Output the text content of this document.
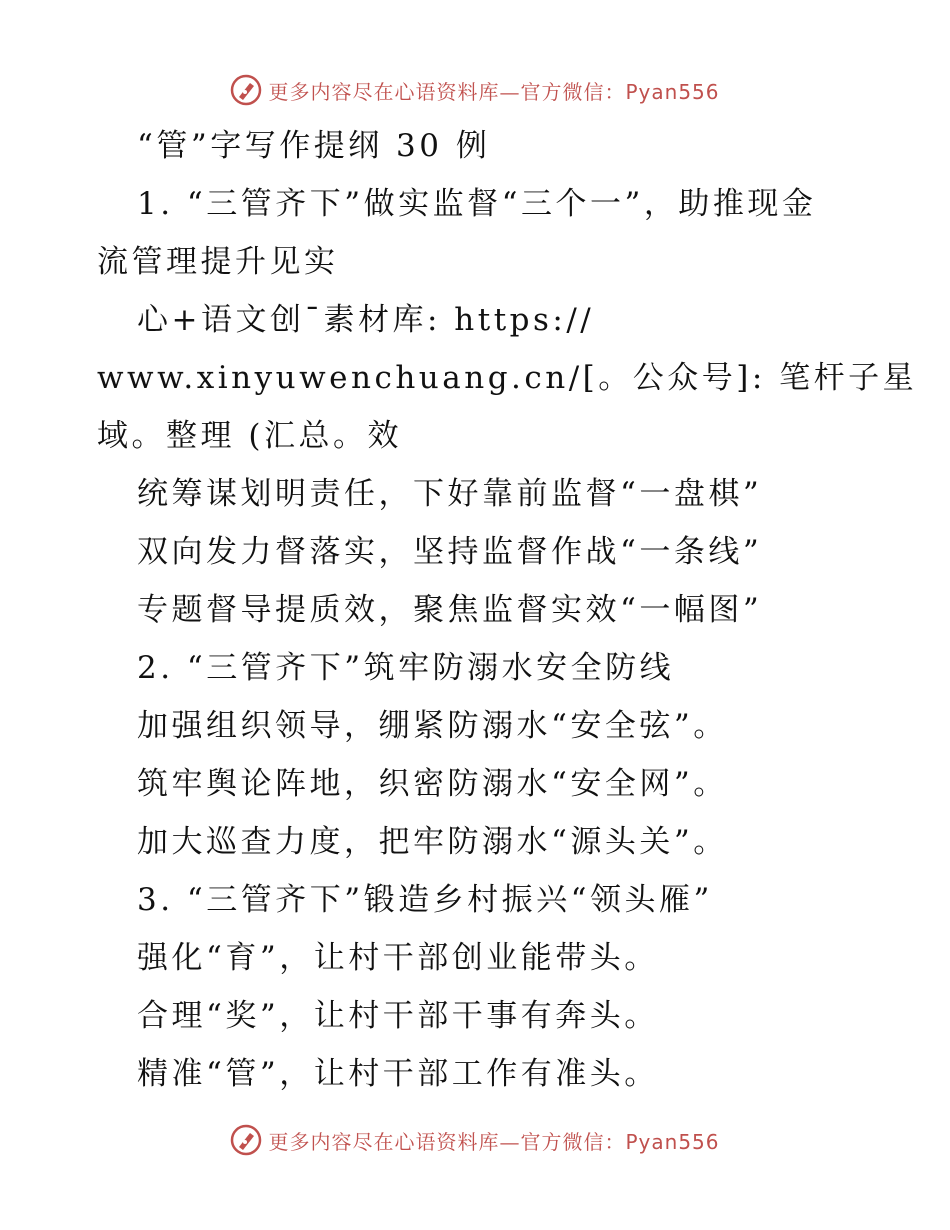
更多内容尽在心语资料库—官方微信：Pyan556
“管”字写作提纲 30 例
1. “三管齐下”做实监督“三个一”，助推现金
流管理提升见实
心+语文创¯素材库: https://
www.xinyuwenchuang.cn/[。公众号]: 笔杆子星
域。整理 (汇总。效
统筹谋划明责任，下好靠前监督“一盘棋”
双向发力督落实，坚持监督作战“一条线”
专题督导提质效，聚焦监督实效“一幅图”
2. “三管齐下”筑牢防溺水安全防线
加强组织领导，绷紧防溺水“安全弦”。
筑牢舆论阵地，织密防溺水“安全网”。
加大巡查力度，把牢防溺水“源头关”。
3. “三管齐下”锻造乡村振兴“领头雁”
强化“育”，让村干部创业能带头。
合理“奖”，让村干部干事有奔头。
精准“管”，让村干部工作有准头。
更多内容尽在心语资料库—官方微信：Pyan556
